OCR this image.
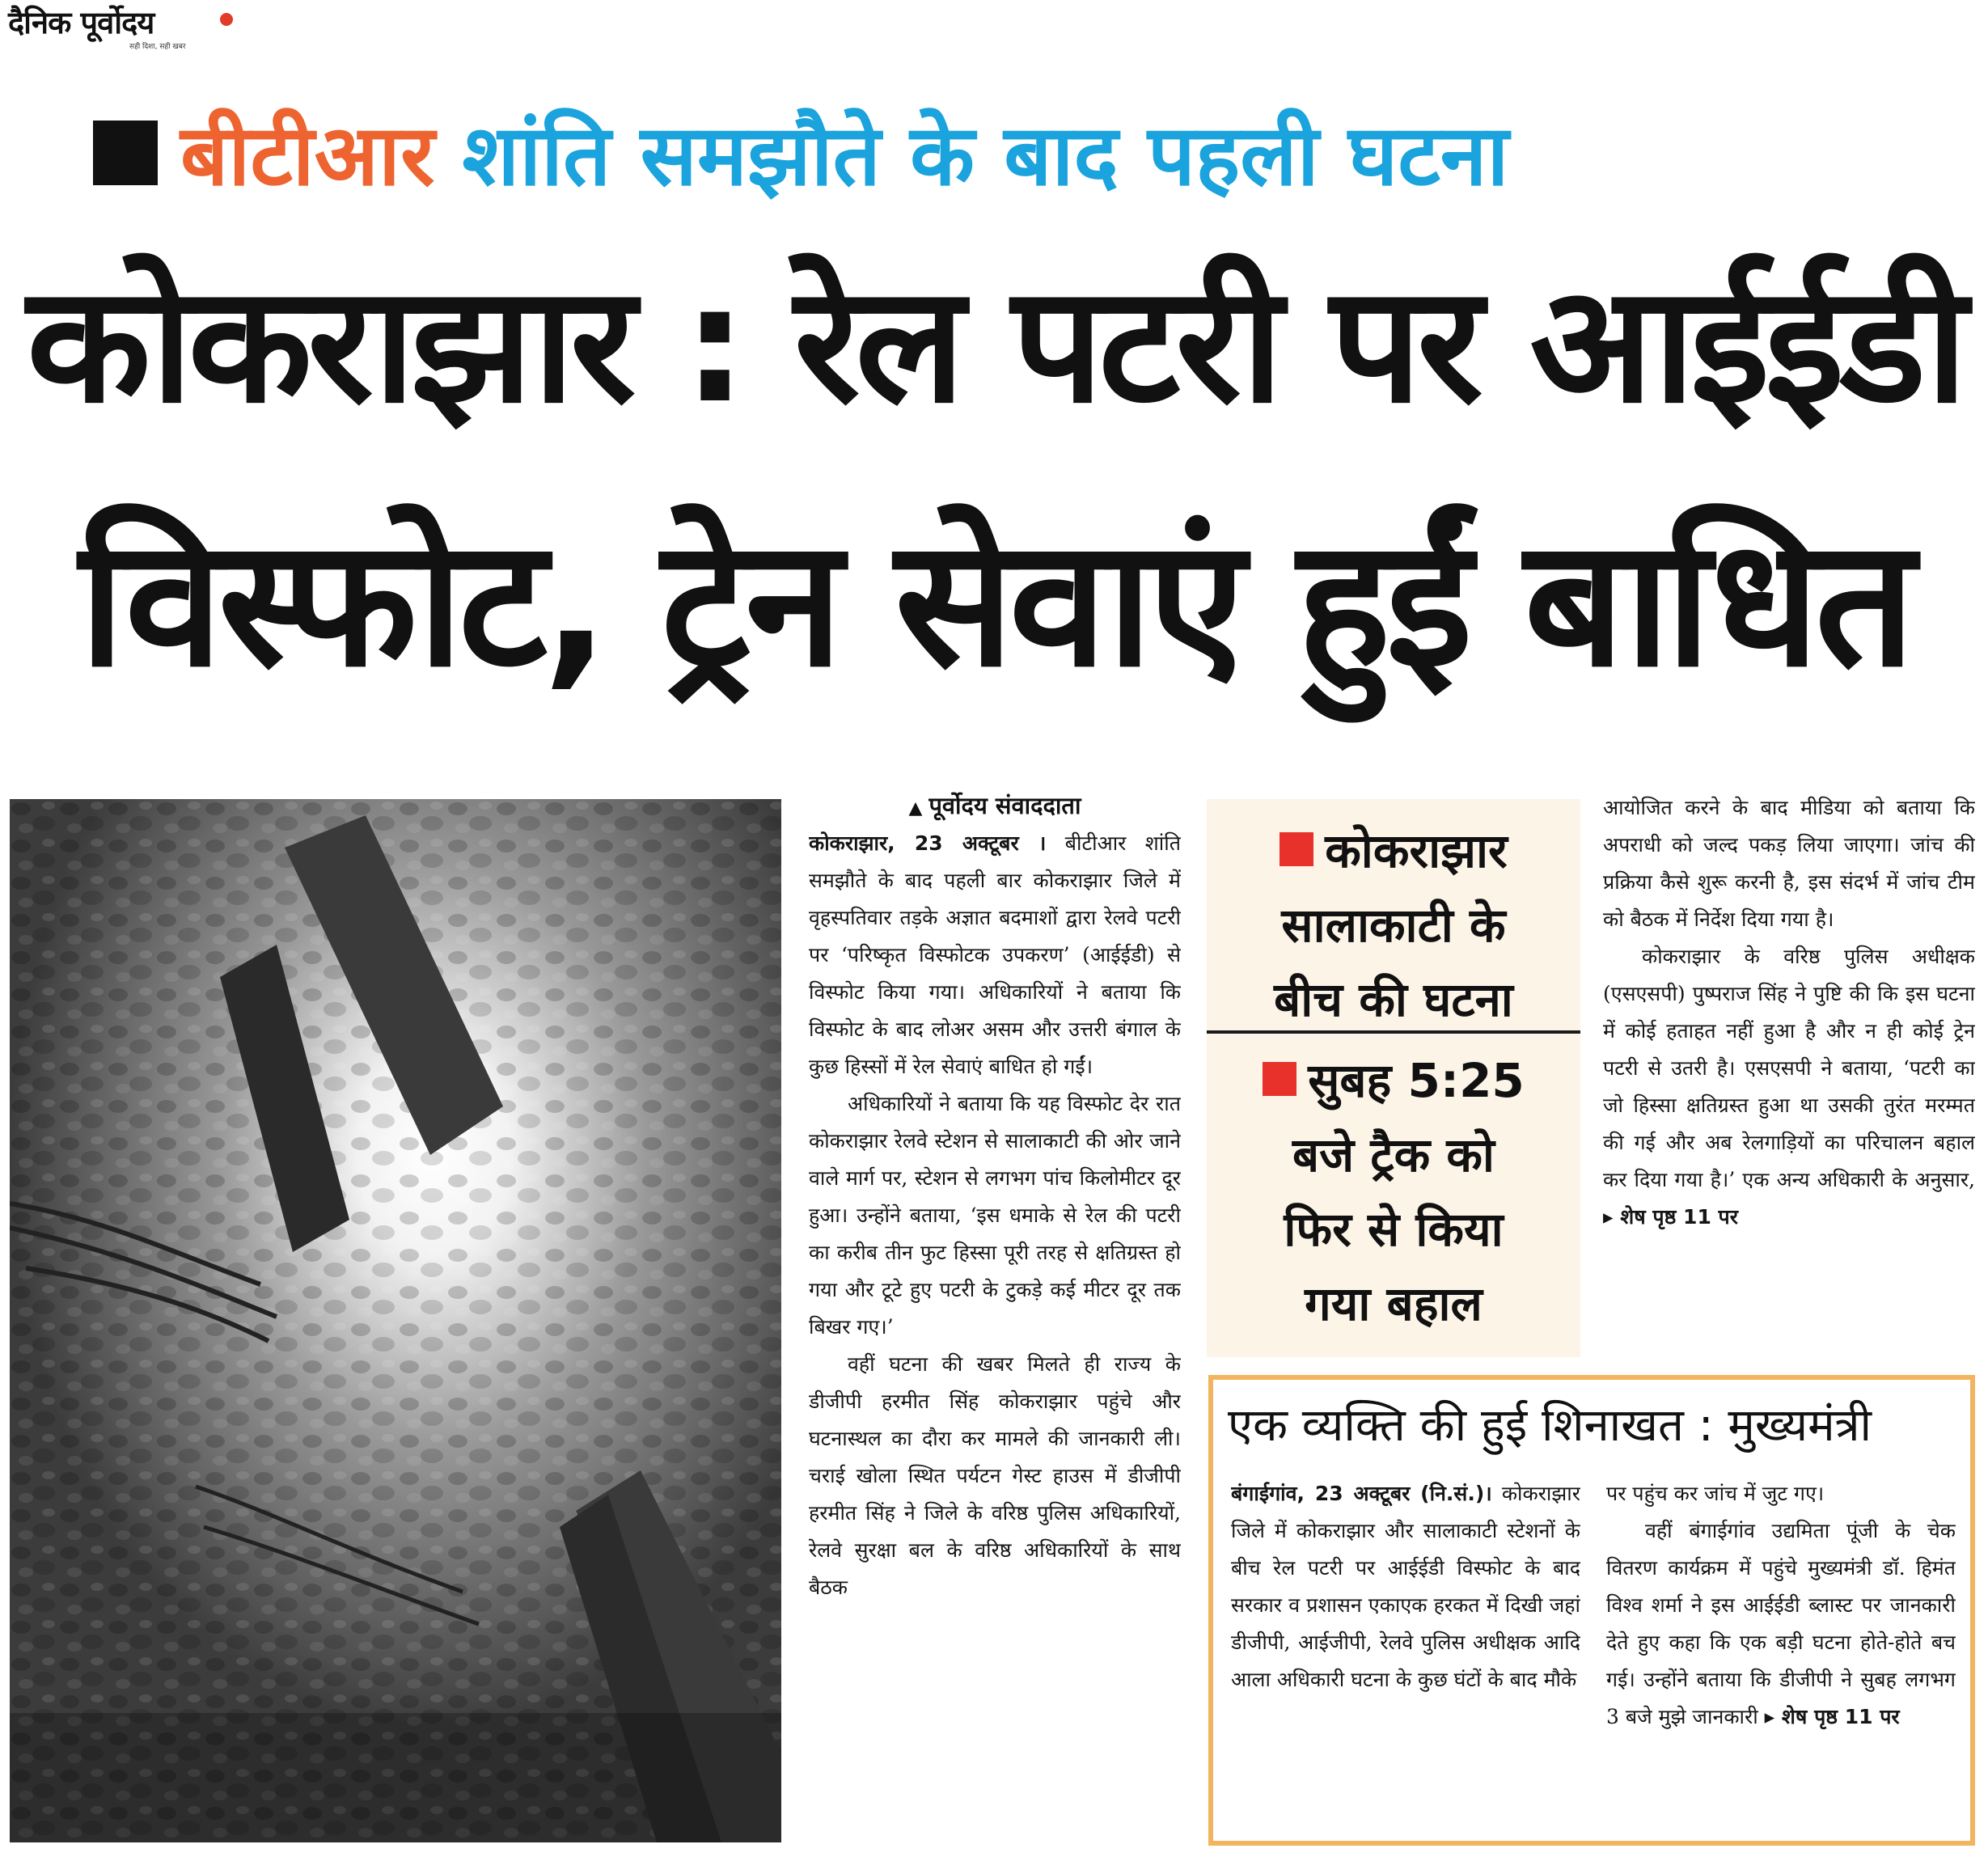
दैनिक पूर्वोदय
सही दिशा, सही खबर
बीटीआर शांति समझौते के बाद पहली घटना
कोकराझार : रेल पटरी पर आईईडी
विस्फोट, ट्रेन सेवाएं हुईं बाधित
▲ पूर्वोदय संवाददाता

कोकराझार, 23 अक्टूबर । बीटीआर शांति समझौते के बाद पहली बार कोकराझार जिले में वृहस्पतिवार तड़के अज्ञात बदमाशों द्वारा रेलवे पटरी पर ‘परिष्कृत विस्फोटक उपकरण’ (आईईडी) से विस्फोट किया गया। अधिकारियों ने बताया कि विस्फोट के बाद लोअर असम और उत्तरी बंगाल के कुछ हिस्सों में रेल सेवाएं बाधित हो गईं।

अधिकारियों ने बताया कि यह विस्फोट देर रात कोकराझार रेलवे स्टेशन से सालाकाटी की ओर जाने वाले मार्ग पर, स्टेशन से लगभग पांच किलोमीटर दूर हुआ। उन्होंने बताया, ‘इस धमाके से रेल की पटरी का करीब तीन फुट हिस्सा पूरी तरह से क्षतिग्रस्त हो गया और टूटे हुए पटरी के टुकड़े कई मीटर दूर तक बिखर गए।’

वहीं घटना की खबर मिलते ही राज्य के डीजीपी हरमीत सिंह कोकराझार पहुंचे और घटनास्थल का दौरा कर मामले की जानकारी ली। चराई खोला स्थित पर्यटन गेस्ट हाउस में डीजीपी हरमीत सिंह ने जिले के वरिष्ठ पुलिस अधिकारियों, रेलवे सुरक्षा बल के वरिष्ठ अधिकारियों के साथ बैठक

कोकराझार
सालाकाटी के
बीच की घटना
सुबह 5:25
बजे ट्रैक को
फिर से किया
गया बहाल

आयोजित करने के बाद मीडिया को बताया कि अपराधी को जल्द पकड़ लिया जाएगा। जांच की प्रक्रिया कैसे शुरू करनी है, इस संदर्भ में जांच टीम को बैठक में निर्देश दिया गया है।

कोकराझार के वरिष्ठ पुलिस अधीक्षक (एसएसपी) पुष्पराज सिंह ने पुष्टि की कि इस घटना में कोई हताहत नहीं हुआ है और न ही कोई ट्रेन पटरी से उतरी है। एसएसपी ने बताया, ‘पटरी का जो हिस्सा क्षतिग्रस्त हुआ था उसकी तुरंत मरम्मत की गई और अब रेलगाड़ियों का परिचालन बहाल कर दिया गया है।’ एक अन्य अधिकारी के अनुसार, ▸ शेष पृष्ठ 11 पर

एक व्यक्ति की हुई शिनाखत : मुख्यमंत्री

बंगाईगांव, 23 अक्टूबर (नि.सं.)। कोकराझार जिले में कोकराझार और सालाकाटी स्टेशनों के बीच रेल पटरी पर आईईडी विस्फोट के बाद सरकार व प्रशासन एकाएक हरकत में दिखी जहां डीजीपी, आईजीपी, रेलवे पुलिस अधीक्षक आदि आला अधिकारी घटना के कुछ घंटों के बाद मौके

पर पहुंच कर जांच में जुट गए।

वहीं बंगाईगांव उद्यमिता पूंजी के चेक वितरण कार्यक्रम में पहुंचे मुख्यमंत्री डॉ. हिमंत विश्व शर्मा ने इस आईईडी ब्लास्ट पर जानकारी देते हुए कहा कि एक बड़ी घटना होते-होते बच गई। उन्होंने बताया कि डीजीपी ने सुबह लगभग 3 बजे मुझे जानकारी ▸ शेष पृष्ठ 11 पर
